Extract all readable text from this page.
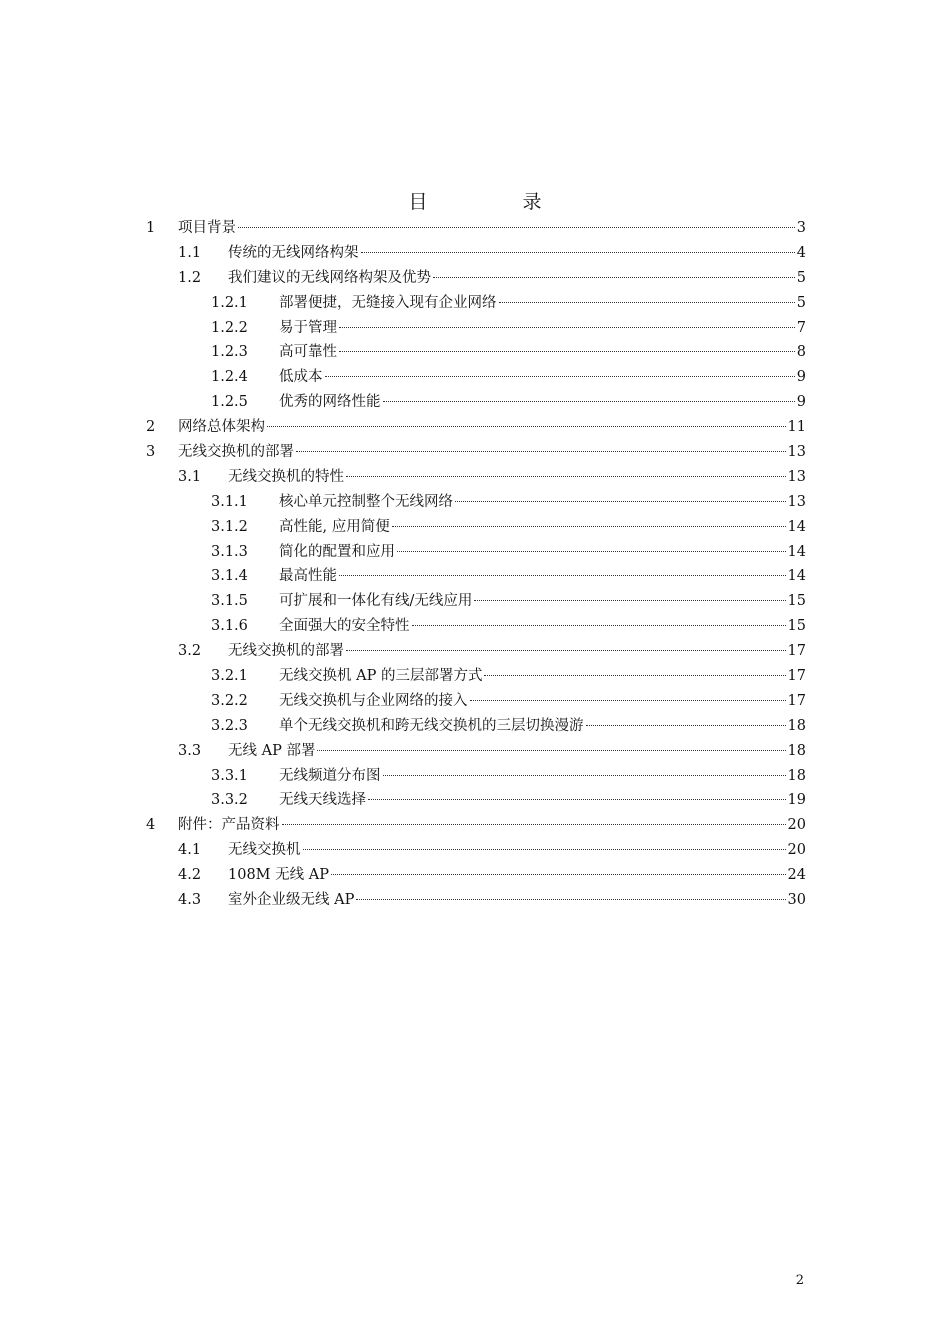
目　录
1 项目背景	3
1.1 传统的无线网络构架	4
1.2 我们建议的无线网络构架及优势	5
1.2.1 部署便捷，无缝接入现有企业网络	5
1.2.2 易于管理	7
1.2.3 高可靠性	8
1.2.4 低成本	9
1.2.5 优秀的网络性能	9
2 网络总体架构	11
3 无线交换机的部署	13
3.1 无线交换机的特性	13
3.1.1 核心单元控制整个无线网络	13
3.1.2 高性能, 应用简便	14
3.1.3 简化的配置和应用	14
3.1.4 最高性能	14
3.1.5 可扩展和一体化有线/无线应用	15
3.1.6 全面强大的安全特性	15
3.2 无线交换机的部署	17
3.2.1 无线交换机 AP 的三层部署方式	17
3.2.2 无线交换机与企业网络的接入	17
3.2.3 单个无线交换机和跨无线交换机的三层切换漫游	18
3.3 无线 AP 部署	18
3.3.1 无线频道分布图	18
3.3.2 无线天线选择	19
4 附件：产品资料	20
4.1 无线交换机	20
4.2 108M 无线 AP	24
4.3 室外企业级无线 AP	30
2
